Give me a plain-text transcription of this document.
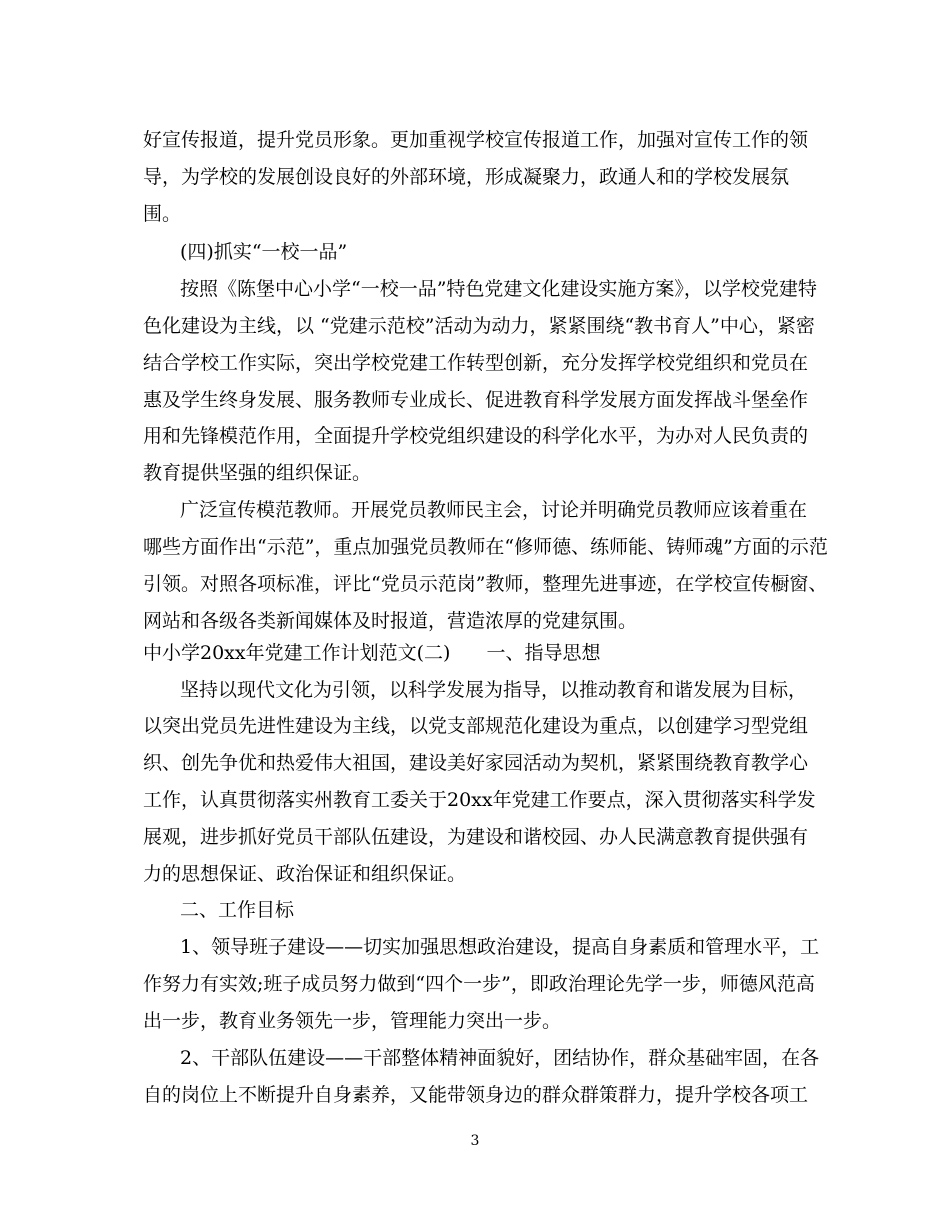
好宣传报道，提升党员形象。更加重视学校宣传报道工作，加强对宣传工作的领
导，为学校的发展创设良好的外部环境，形成凝聚力，政通人和的学校发展氛
围。
(四)抓实“一校一品”
按照《陈堡中心小学“一校一品”特色党建文化建设实施方案》，以学校党建特
色化建设为主线，以 “党建示范校”活动为动力，紧紧围绕“教书育人”中心，紧密
结合学校工作实际，突出学校党建工作转型创新，充分发挥学校党组织和党员在
惠及学生终身发展、服务教师专业成长、促进教育科学发展方面发挥战斗堡垒作
用和先锋模范作用，全面提升学校党组织建设的科学化水平，为办对人民负责的
教育提供坚强的组织保证。
广泛宣传模范教师。开展党员教师民主会，讨论并明确党员教师应该着重在
哪些方面作出“示范”，重点加强党员教师在“修师德、练师能、铸师魂”方面的示范
引领。对照各项标准，评比“党员示范岗”教师，整理先进事迹，在学校宣传橱窗、
网站和各级各类新闻媒体及时报道，营造浓厚的党建氛围。
中小学20xx年党建工作计划范文(二) 一、指导思想
坚持以现代文化为引领，以科学发展为指导，以推动教育和谐发展为目标，
以突出党员先进性建设为主线，以党支部规范化建设为重点，以创建学习型党组
织、创先争优和热爱伟大祖国，建设美好家园活动为契机，紧紧围绕教育教学心
工作，认真贯彻落实州教育工委关于20xx年党建工作要点，深入贯彻落实科学发
展观，进步抓好党员干部队伍建设，为建设和谐校园、办人民满意教育提供强有
力的思想保证、政治保证和组织保证。
二、工作目标
1、领导班子建设——切实加强思想政治建设，提高自身素质和管理水平，工
作努力有实效;班子成员努力做到“四个一步”，即政治理论先学一步，师德风范高
出一步，教育业务领先一步，管理能力突出一步。
2、干部队伍建设——干部整体精神面貌好，团结协作，群众基础牢固，在各
自的岗位上不断提升自身素养，又能带领身边的群众群策群力，提升学校各项工
3
